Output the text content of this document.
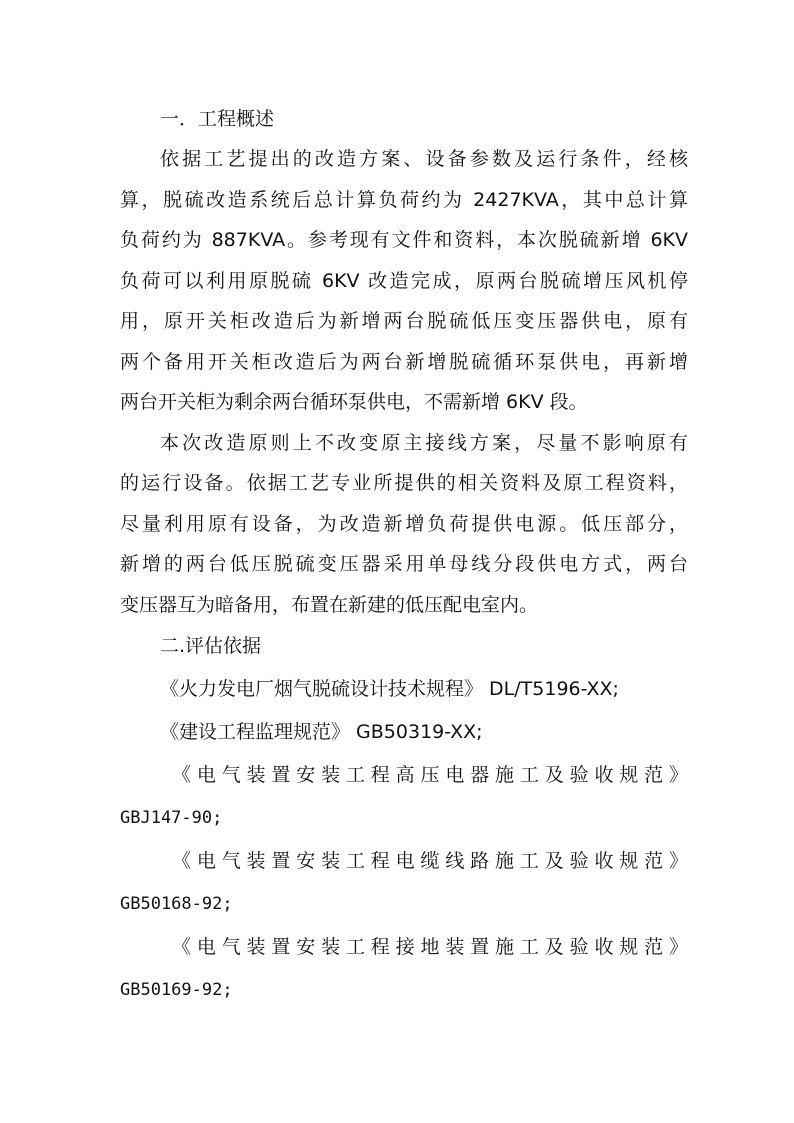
一．工程概述

依据工艺提出的改造方案、设备参数及运行条件，经核
算，脱硫改造系统后总计算负荷约为 2427KVA，其中总计算
负荷约为 887KVA。参考现有文件和资料，本次脱硫新增 6KV
负荷可以利用原脱硫 6KV 改造完成，原两台脱硫增压风机停
用，原开关柜改造后为新增两台脱硫低压变压器供电，原有
两个备用开关柜改造后为两台新增脱硫循环泵供电，再新增
两台开关柜为剩余两台循环泵供电，不需新增 6KV 段。

本次改造原则上不改变原主接线方案，尽量不影响原有
的运行设备。依据工艺专业所提供的相关资料及原工程资料，
尽量利用原有设备，为改造新增负荷提供电源。低压部分，
新增的两台低压脱硫变压器采用单母线分段供电方式，两台
变压器互为暗备用，布置在新建的低压配电室内。

二.评估依据
《火力发电厂烟气脱硫设计技术规程》 DL/T5196-XX;
《建设工程监理规范》 GB50319-XX;
《电气装置安装工程高压电器施工及验收规范》
GBJ147-90;
《电气装置安装工程电缆线路施工及验收规范》
GB50168-92;
《电气装置安装工程接地装置施工及验收规范》
GB50169-92;
